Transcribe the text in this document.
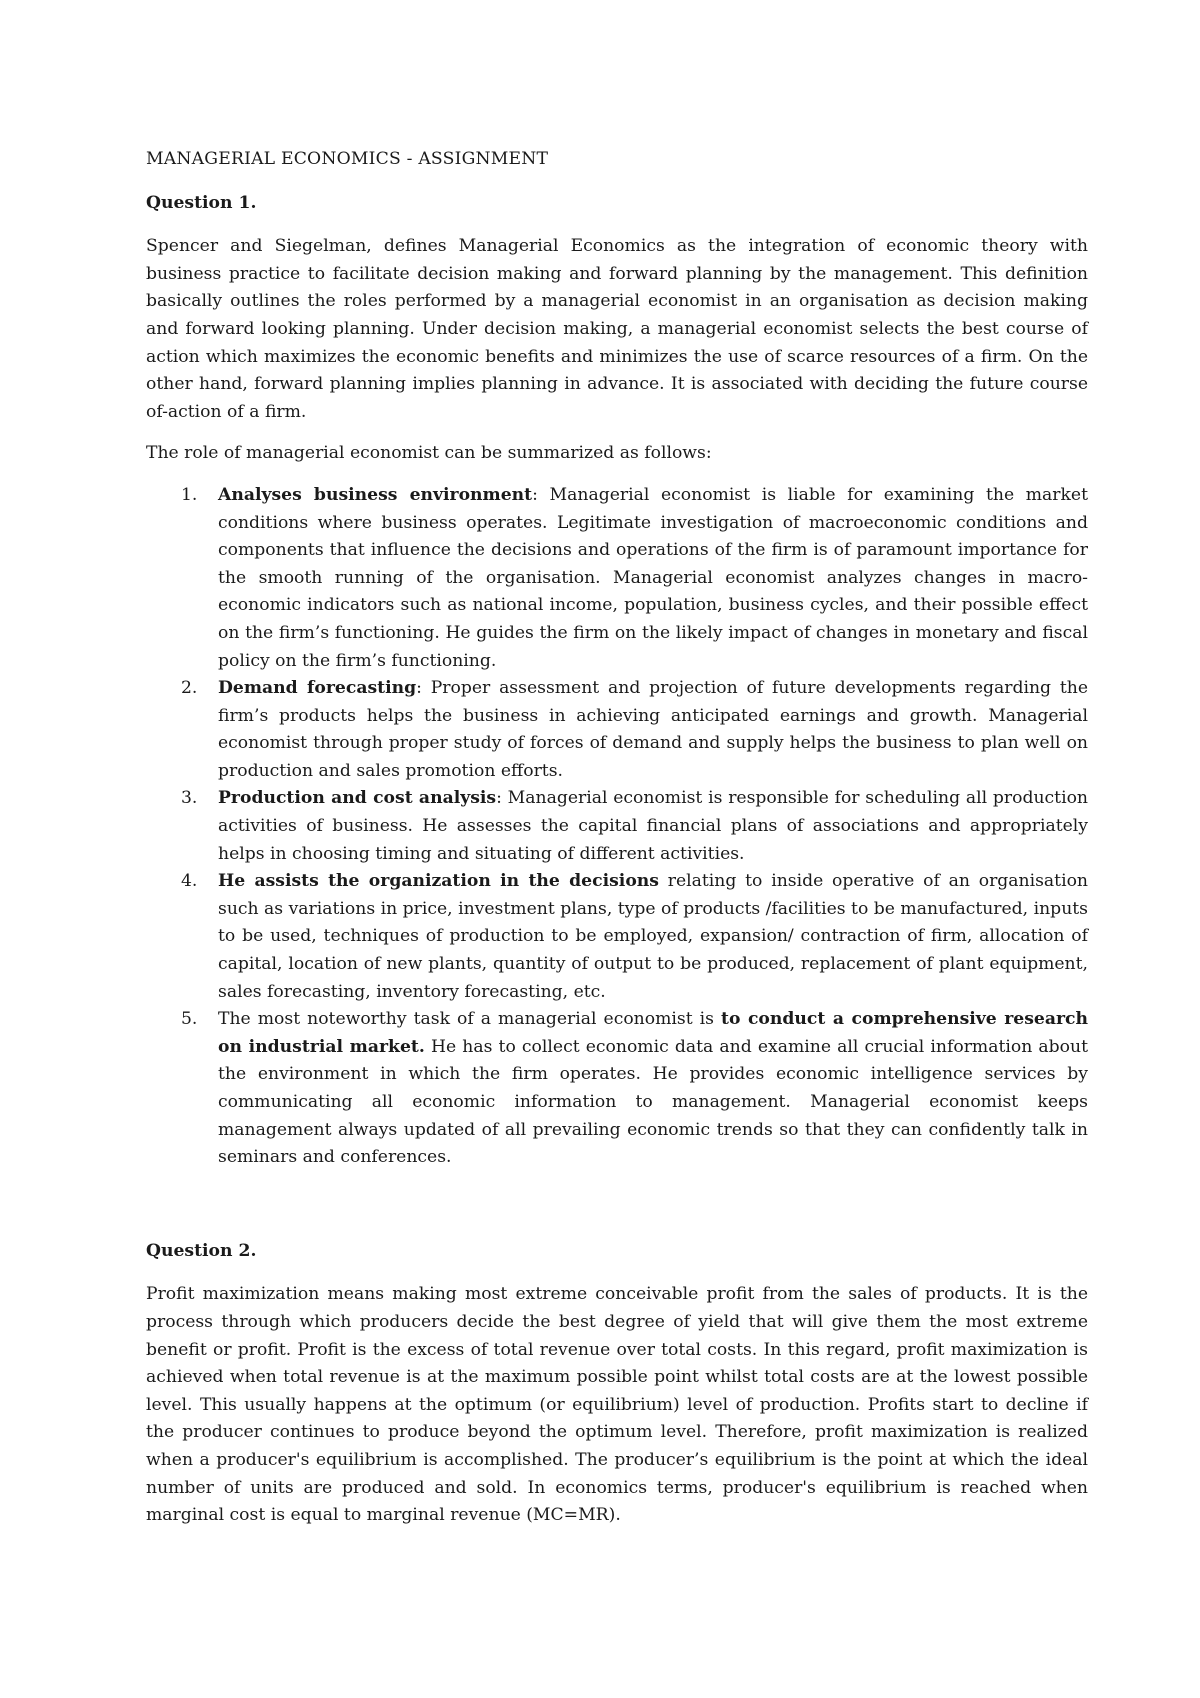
MANAGERIAL ECONOMICS - ASSIGNMENT
Question 1.

Spencer and Siegelman, defines Managerial Economics as the integration of economic theory with business practice to facilitate decision making and forward planning by the management. This definition basically outlines the roles performed by a managerial economist in an organisation as decision making and forward looking planning. Under decision making, a managerial economist selects the best course of action which maximizes the economic benefits and minimizes the use of scarce resources of a firm. On the other hand, forward planning implies planning in advance. It is associated with deciding the future course of-action of a firm.

The role of managerial economist can be summarized as follows:

1. Analyses business environment: Managerial economist is liable for examining the market conditions where business operates. Legitimate investigation of macroeconomic conditions and components that influence the decisions and operations of the firm is of paramount importance for the smooth running of the organisation. Managerial economist analyzes changes in macro-economic indicators such as national income, population, business cycles, and their possible effect on the firm’s functioning. He guides the firm on the likely impact of changes in monetary and fiscal policy on the firm’s functioning.
2. Demand forecasting: Proper assessment and projection of future developments regarding the firm’s products helps the business in achieving anticipated earnings and growth. Managerial economist through proper study of forces of demand and supply helps the business to plan well on production and sales promotion efforts.
3. Production and cost analysis: Managerial economist is responsible for scheduling all production activities of business. He assesses the capital financial plans of associations and appropriately helps in choosing timing and situating of different activities.
4. He assists the organization in the decisions relating to inside operative of an organisation such as variations in price, investment plans, type of products /facilities to be manufactured, inputs to be used, techniques of production to be employed, expansion/ contraction of firm, allocation of capital, location of new plants, quantity of output to be produced, replacement of plant equipment, sales forecasting, inventory forecasting, etc.
5. The most noteworthy task of a managerial economist is to conduct a comprehensive research on industrial market. He has to collect economic data and examine all crucial information about the environment in which the firm operates. He provides economic intelligence services by communicating all economic information to management. Managerial economist keeps management always updated of all prevailing economic trends so that they can confidently talk in seminars and conferences.
Question 2.

Profit maximization means making most extreme conceivable profit from the sales of products. It is the process through which producers decide the best degree of yield that will give them the most extreme benefit or profit. Profit is the excess of total revenue over total costs. In this regard, profit maximization is achieved when total revenue is at the maximum possible point whilst total costs are at the lowest possible level. This usually happens at the optimum (or equilibrium) level of production. Profits start to decline if the producer continues to produce beyond the optimum level. Therefore, profit maximization is realized when a producer's equilibrium is accomplished. The producer’s equilibrium is the point at which the ideal number of units are produced and sold. In economics terms, producer's equilibrium is reached when marginal cost is equal to marginal revenue (MC=MR).
